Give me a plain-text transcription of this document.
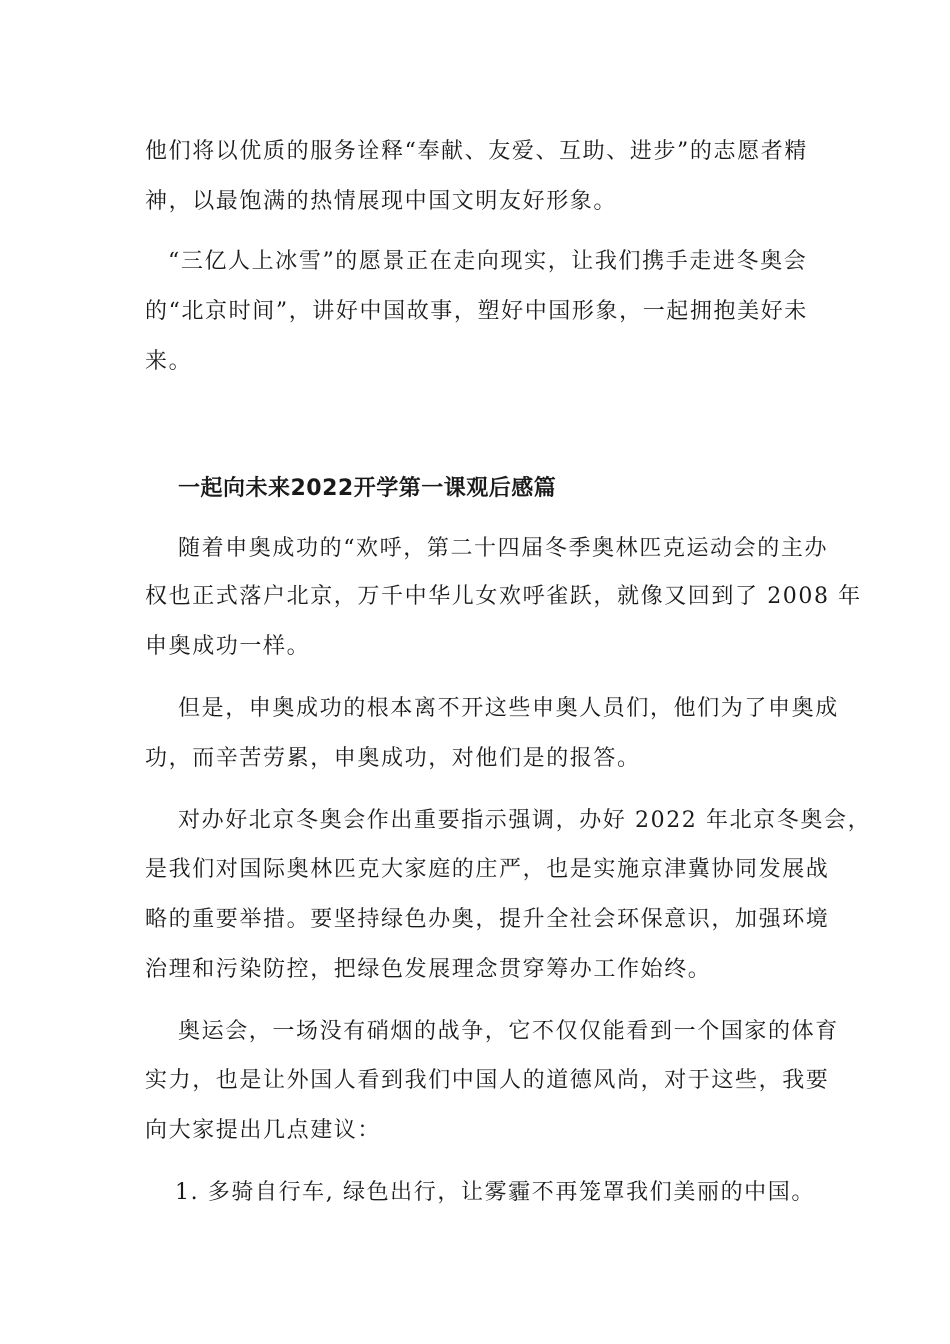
他们将以优质的服务诠释“奉献、友爱、互助、进步”的志愿者精
神，以最饱满的热情展现中国文明友好形象。
“三亿人上冰雪”的愿景正在走向现实，让我们携手走进冬奥会
的“北京时间”，讲好中国故事，塑好中国形象，一起拥抱美好未
来。
一起向未来2022开学第一课观后感篇
随着申奥成功的“欢呼，第二十四届冬季奥林匹克运动会的主办
权也正式落户北京，万千中华儿女欢呼雀跃，就像又回到了 2008 年
申奥成功一样。
但是，申奥成功的根本离不开这些申奥人员们，他们为了申奥成
功，而辛苦劳累，申奥成功，对他们是的报答。
对办好北京冬奥会作出重要指示强调，办好 2022 年北京冬奥会，
是我们对国际奥林匹克大家庭的庄严，也是实施京津冀协同发展战
略的重要举措。要坚持绿色办奥，提升全社会环保意识，加强环境
治理和污染防控，把绿色发展理念贯穿筹办工作始终。
奥运会，一场没有硝烟的战争，它不仅仅能看到一个国家的体育
实力，也是让外国人看到我们中国人的道德风尚，对于这些，我要
向大家提出几点建议：
1. 多骑自行车, 绿色出行，让雾霾不再笼罩我们美丽的中国。
